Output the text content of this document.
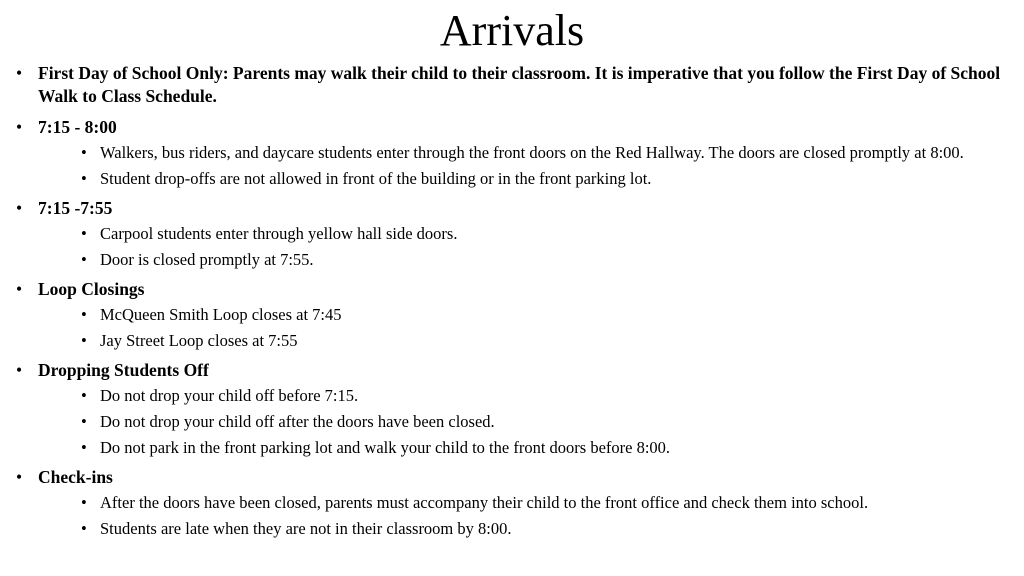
Arrivals
• First Day of School Only: Parents may walk their child to their classroom. It is imperative that you follow the First Day of School Walk to Class Schedule.
• 7:15 - 8:00
• Walkers, bus riders, and daycare students enter through the front doors on the Red Hallway. The doors are closed promptly at 8:00.
• Student drop-offs are not allowed in front of the building or in the front parking lot.
• 7:15 -7:55
• Carpool students enter through yellow hall side doors.
• Door is closed promptly at 7:55.
• Loop Closings
• McQueen Smith Loop closes at 7:45
• Jay Street Loop closes at 7:55
• Dropping Students Off
• Do not drop your child off before 7:15.
• Do not drop your child off after the doors have been closed.
• Do not park in the front parking lot and walk your child to the front doors before 8:00.
• Check-ins
• After the doors have been closed, parents must accompany their child to the front office and check them into school.
• Students are late when they are not in their classroom by 8:00.
